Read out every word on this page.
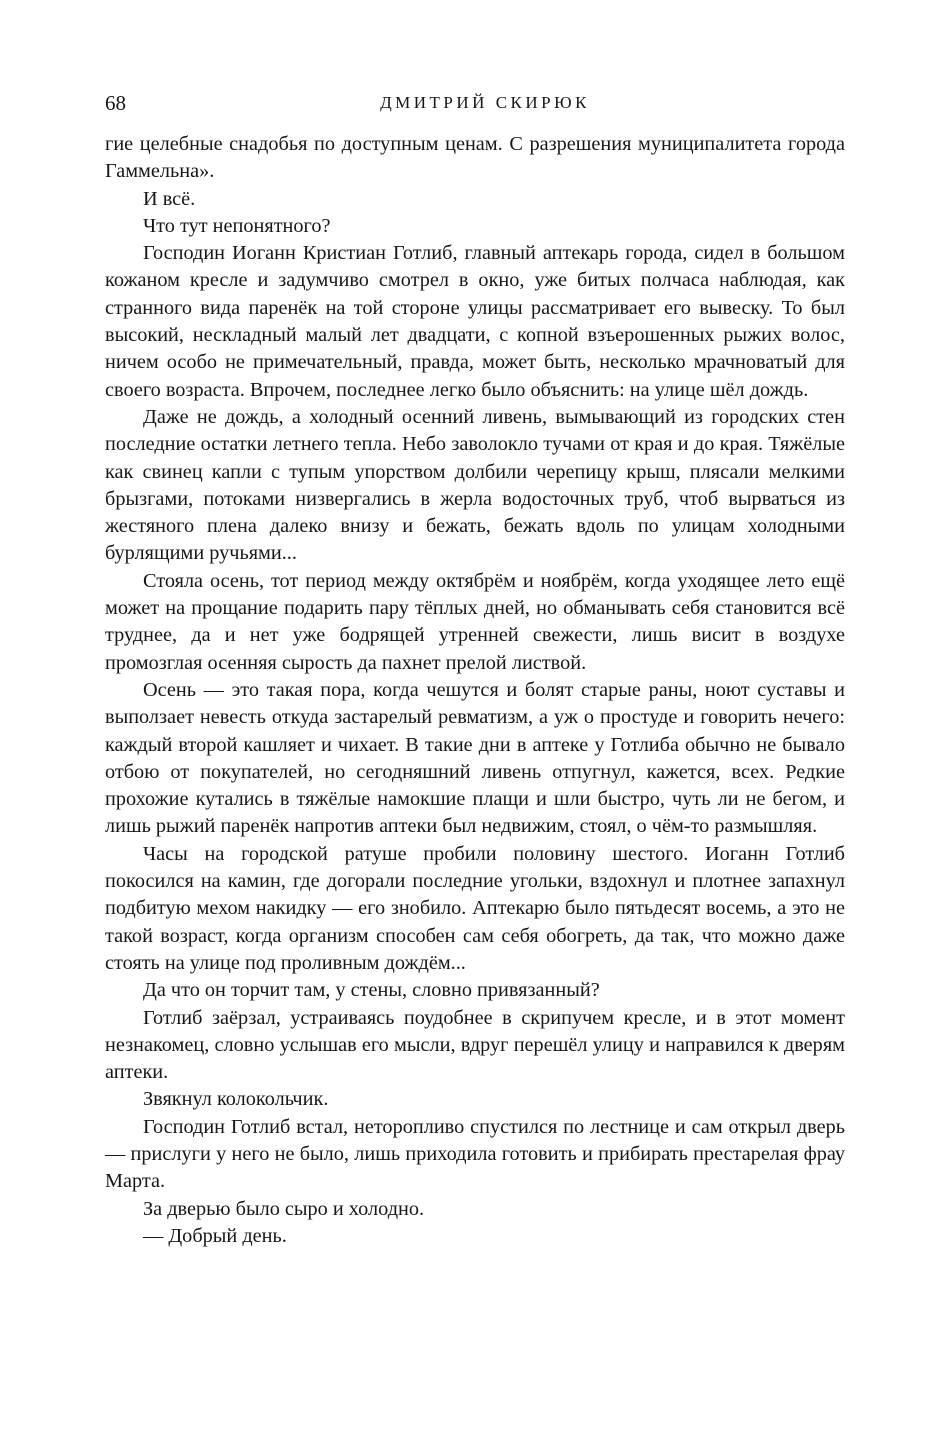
68	ДМИТРИЙ СКИРЮК

гие целебные снадобья по доступным ценам. С разрешения муниципалитета города Гаммельна».

И всё.

Что тут непонятного?

Господин Иоганн Кристиан Готлиб, главный аптекарь города, сидел в большом кожаном кресле и задумчиво смотрел в окно, уже битых полчаса наблюдая, как странного вида паренёк на той стороне улицы рассматривает его вывеску. То был высокий, нескладный малый лет двадцати, с копной взъерошенных рыжих волос, ничем особо не примечательный, правда, может быть, несколько мрачноватый для своего возраста. Впрочем, последнее легко было объяснить: на улице шёл дождь.

Даже не дождь, а холодный осенний ливень, вымывающий из городских стен последние остатки летнего тепла. Небо заволокло тучами от края и до края. Тяжёлые как свинец капли с тупым упорством долбили черепицу крыш, плясали мелкими брызгами, потоками низвергались в жерла водосточных труб, чтоб вырваться из жестяного плена далеко внизу и бежать, бежать вдоль по улицам холодными бурлящими ручьями...

Стояла осень, тот период между октябрём и ноябрём, когда уходящее лето ещё может на прощание подарить пару тёплых дней, но обманывать себя становится всё труднее, да и нет уже бодрящей утренней свежести, лишь висит в воздухе промозглая осенняя сырость да пахнет прелой листвой.

Осень — это такая пора, когда чешутся и болят старые раны, ноют суставы и выползает невесть откуда застарелый ревматизм, а уж о простуде и говорить нечего: каждый второй кашляет и чихает. В такие дни в аптеке у Готлиба обычно не бывало отбою от покупателей, но сегодняшний ливень отпугнул, кажется, всех. Редкие прохожие кутались в тяжёлые намокшие плащи и шли быстро, чуть ли не бегом, и лишь рыжий паренёк напротив аптеки был недвижим, стоял, о чём-то размышляя.

Часы на городской ратуше пробили половину шестого. Иоганн Готлиб покосился на камин, где догорали последние угольки, вздохнул и плотнее запахнул подбитую мехом накидку — его знобило. Аптекарю было пятьдесят восемь, а это не такой возраст, когда организм способен сам себя обогреть, да так, что можно даже стоять на улице под проливным дождём...

Да что он торчит там, у стены, словно привязанный?

Готлиб заёрзал, устраиваясь поудобнее в скрипучем кресле, и в этот момент незнакомец, словно услышав его мысли, вдруг перешёл улицу и направился к дверям аптеки.

Звякнул колокольчик.

Господин Готлиб встал, неторопливо спустился по лестнице и сам открыл дверь — прислуги у него не было, лишь приходила готовить и прибирать престарелая фрау Марта.

За дверью было сыро и холодно.

— Добрый день.
